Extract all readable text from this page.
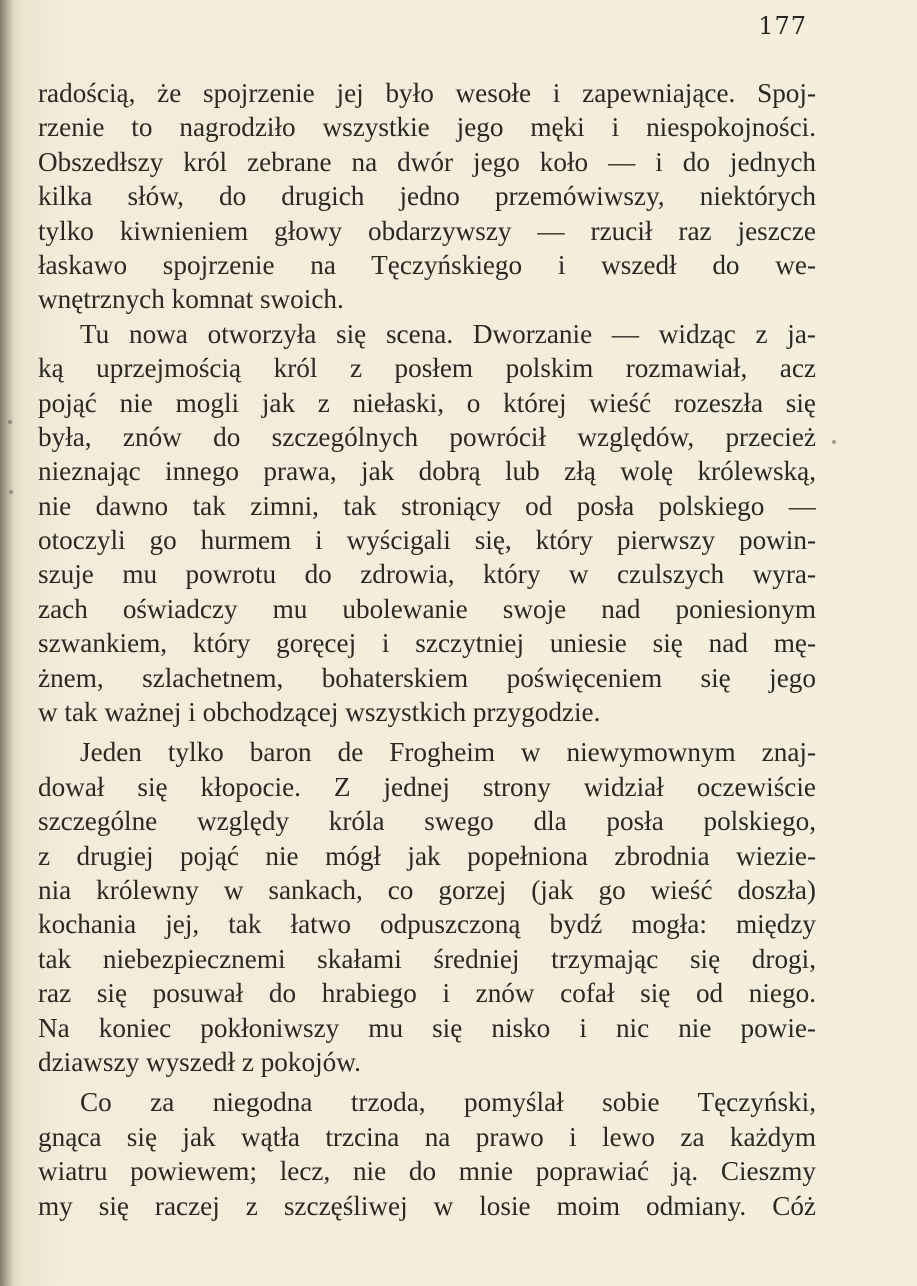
177
radością, że spojrzenie jej było wesołe i zapewniające. Spoj-
rzenie to nagrodziło wszystkie jego męki i niespokojności.
Obszedłszy król zebrane na dwór jego koło — i do jednych
kilka słów, do drugich jedno przemówiwszy, niektórych
tylko kiwnieniem głowy obdarzywszy — rzucił raz jeszcze
łaskawo spojrzenie na Tęczyńskiego i wszedł do we-
wnętrznych komnat swoich.
Tu nowa otworzyła się scena. Dworzanie — widząc z ja-
ką uprzejmością król z posłem polskim rozmawiał, acz
pojąć nie mogli jak z niełaski, o której wieść rozeszła się
była, znów do szczególnych powrócił względów, przecież
nieznając innego prawa, jak dobrą lub złą wolę królewską,
nie dawno tak zimni, tak stroniący od posła polskiego —
otoczyli go hurmem i wyścigali się, który pierwszy powin-
szuje mu powrotu do zdrowia, który w czulszych wyra-
zach oświadczy mu ubolewanie swoje nad poniesionym
szwankiem, który goręcej i szczytniej uniesie się nad mę-
żnem, szlachetnem, bohaterskiem poświęceniem się jego
w tak ważnej i obchodzącej wszystkich przygodzie.
Jeden tylko baron de Frogheim w niewymownym znaj-
dował się kłopocie. Z jednej strony widział oczewiście
szczególne względy króla swego dla posła polskiego,
z drugiej pojąć nie mógł jak popełniona zbrodnia wiezie-
nia królewny w sankach, co gorzej (jak go wieść doszła)
kochania jej, tak łatwo odpuszczoną bydź mogła: między
tak niebezpiecznemi skałami średniej trzymając się drogi,
raz się posuwał do hrabiego i znów cofał się od niego.
Na koniec pokłoniwszy mu się nisko i nic nie powie-
dziawszy wyszedł z pokojów.
Co za niegodna trzoda, pomyślał sobie Tęczyński,
gnąca się jak wątła trzcina na prawo i lewo za każdym
wiatru powiewem; lecz, nie do mnie poprawiać ją. Cieszmy
my się raczej z szczęśliwej w losie moim odmiany. Cóż
